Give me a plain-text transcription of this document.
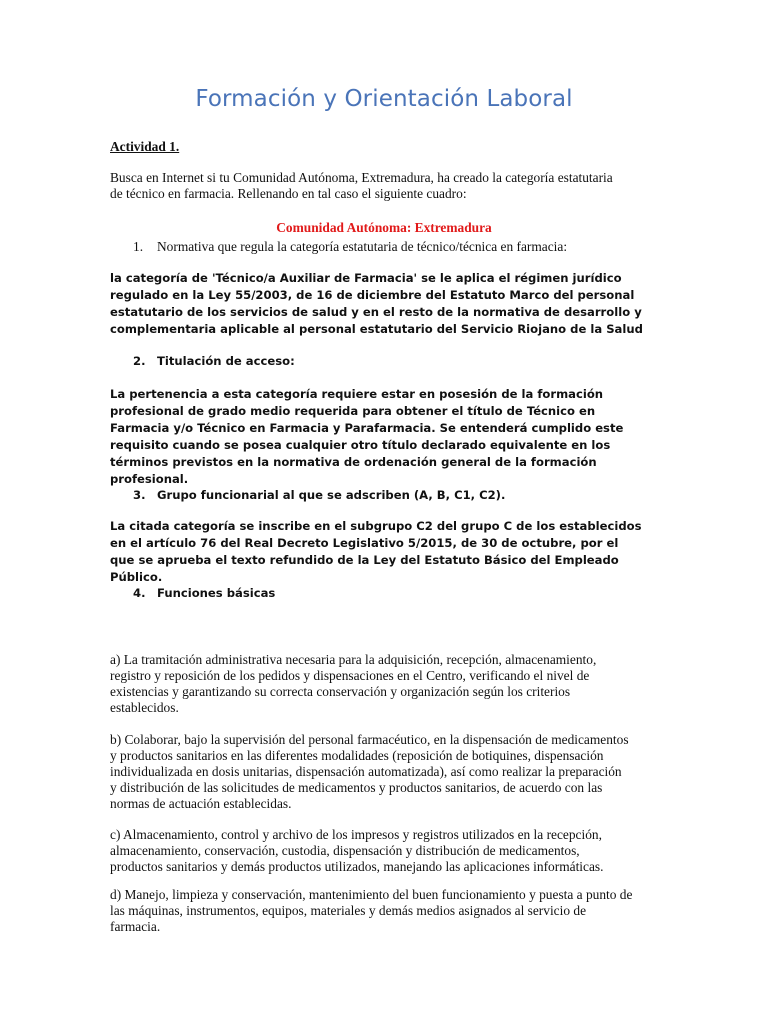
Formación y Orientación Laboral

Actividad 1.

Busca en Internet si tu Comunidad Autónoma, Extremadura, ha creado la categoría estatutaria de técnico en farmacia. Rellenando en tal caso el siguiente cuadro:

Comunidad Autónoma: Extremadura
1. Normativa que regula la categoría estatutaria de técnico/técnica en farmacia:

la categoría de 'Técnico/a Auxiliar de Farmacia' se le aplica el régimen jurídico regulado en la Ley 55/2003, de 16 de diciembre del Estatuto Marco del personal estatutario de los servicios de salud y en el resto de la normativa de desarrollo y complementaria aplicable al personal estatutario del Servicio Riojano de la Salud

2. Titulación de acceso:

La pertenencia a esta categoría requiere estar en posesión de la formación profesional de grado medio requerida para obtener el título de Técnico en Farmacia y/o Técnico en Farmacia y Parafarmacia. Se entenderá cumplido este requisito cuando se posea cualquier otro título declarado equivalente en los términos previstos en la normativa de ordenación general de la formación profesional.

3. Grupo funcionarial al que se adscriben (A, B, C1, C2).

La citada categoría se inscribe en el subgrupo C2 del grupo C de los establecidos en el artículo 76 del Real Decreto Legislativo 5/2015, de 30 de octubre, por el que se aprueba el texto refundido de la Ley del Estatuto Básico del Empleado Público.

4. Funciones básicas

a) La tramitación administrativa necesaria para la adquisición, recepción, almacenamiento, registro y reposición de los pedidos y dispensaciones en el Centro, verificando el nivel de existencias y garantizando su correcta conservación y organización según los criterios establecidos.

b) Colaborar, bajo la supervisión del personal farmacéutico, en la dispensación de medicamentos y productos sanitarios en las diferentes modalidades (reposición de botiquines, dispensación individualizada en dosis unitarias, dispensación automatizada), así como realizar la preparación y distribución de las solicitudes de medicamentos y productos sanitarios, de acuerdo con las normas de actuación establecidas.

c) Almacenamiento, control y archivo de los impresos y registros utilizados en la recepción, almacenamiento, conservación, custodia, dispensación y distribución de medicamentos, productos sanitarios y demás productos utilizados, manejando las aplicaciones informáticas.

d) Manejo, limpieza y conservación, mantenimiento del buen funcionamiento y puesta a punto de las máquinas, instrumentos, equipos, materiales y demás medios asignados al servicio de farmacia.
